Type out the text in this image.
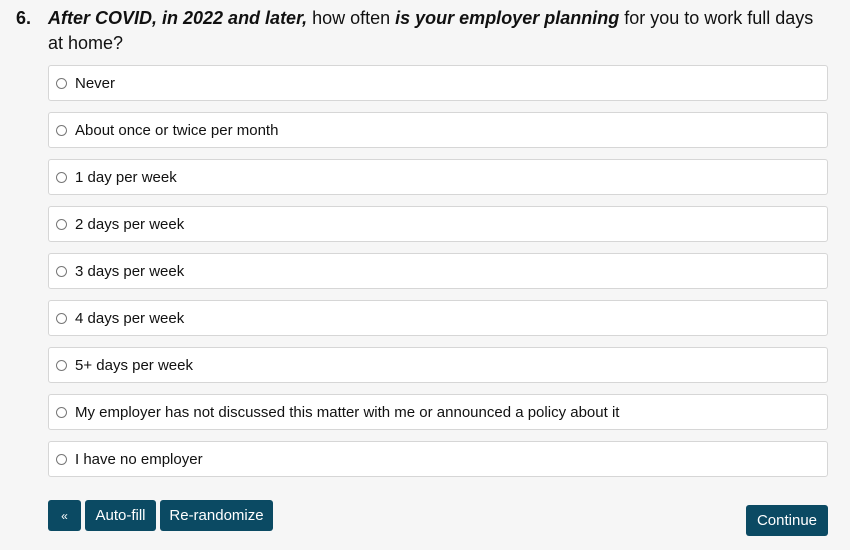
6. After COVID, in 2022 and later, how often is your employer planning for you to work full days at home?
Never
About once or twice per month
1 day per week
2 days per week
3 days per week
4 days per week
5+ days per week
My employer has not discussed this matter with me or announced a policy about it
I have no employer
«	Auto-fill	Re-randomize	Continue
